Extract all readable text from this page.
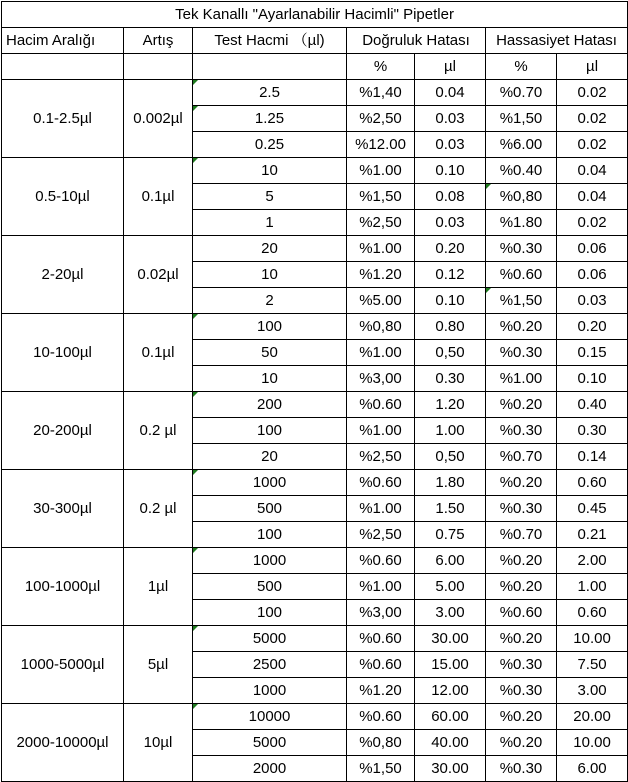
Tek Kanallı "Ayarlanabilir Hacimli" Pipetler						
Hacim Aralığı	Artış	Test Hacmi （µl)	Doğruluk Hatası		Hassasiyet Hatası	
			%	µl	%	µl
0.1-2.5µl	0.002µl	2.5	%1,40	0.04	%0.70	0.02
		1.25	%2,50	0.03	%1,50	0.02
		0.25	%12.00	0.03	%6.00	0.02
0.5-10µl	0.1µl	10	%1.00	0.10	%0.40	0.04
		5	%1,50	0.08	%0,80	0.04
		1	%2,50	0.03	%1.80	0.02
2-20µl	0.02µl	20	%1.00	0.20	%0.30	0.06
		10	%1.20	0.12	%0.60	0.06
		2	%5.00	0.10	%1,50	0.03
10-100µl	0.1µl	100	%0,80	0.80	%0.20	0.20
		50	%1.00	0,50	%0.30	0.15
		10	%3,00	0.30	%1.00	0.10
20-200µl	0.2 µl	200	%0.60	1.20	%0.20	0.40
		100	%1.00	1.00	%0.30	0.30
		20	%2,50	0,50	%0.70	0.14
30-300µl	0.2 µl	1000	%0.60	1.80	%0.20	0.60
		500	%1.00	1.50	%0.30	0.45
		100	%2,50	0.75	%0.70	0.21
100-1000µl	1µl	1000	%0.60	6.00	%0.20	2.00
		500	%1.00	5.00	%0.20	1.00
		100	%3,00	3.00	%0.60	0.60
1000-5000µl	5µl	5000	%0.60	30.00	%0.20	10.00
		2500	%0.60	15.00	%0.30	7.50
		1000	%1.20	12.00	%0.30	3.00
2000-10000µl	10µl	10000	%0.60	60.00	%0.20	20.00
		5000	%0,80	40.00	%0.20	10.00
		2000	%1,50	30.00	%0.30	6.00
